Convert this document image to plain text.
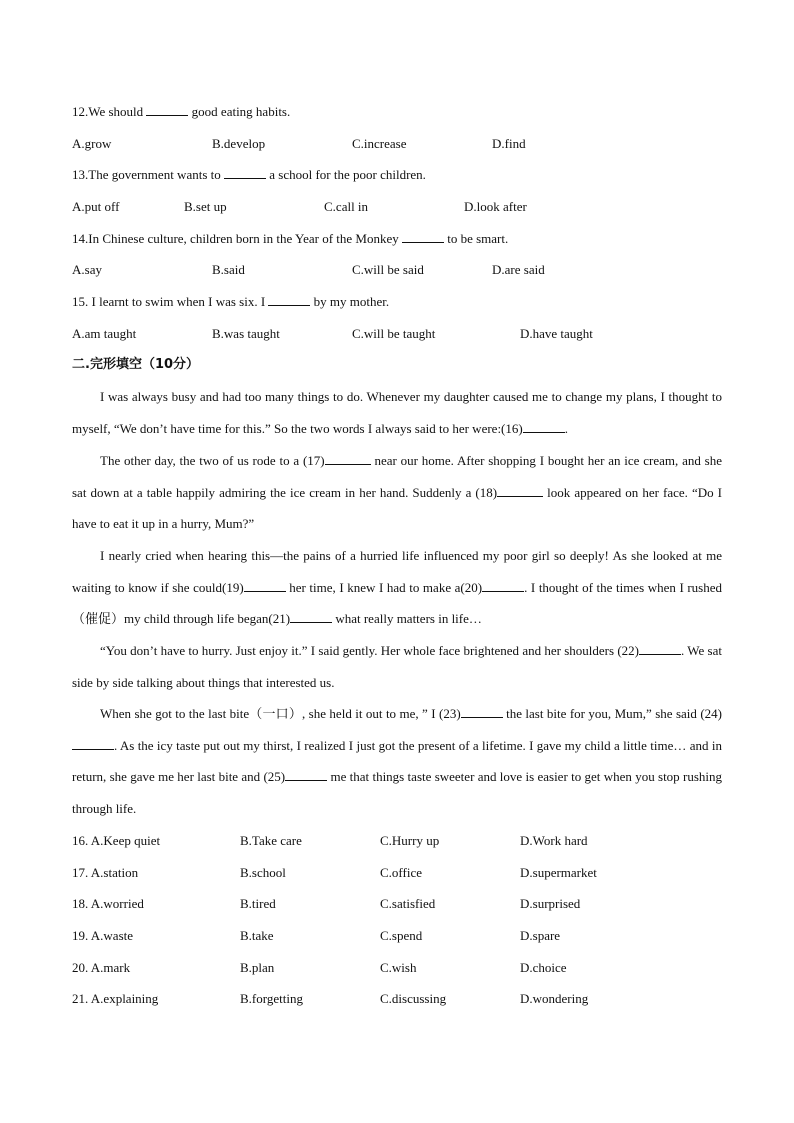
12.We should	good eating habits.
A.grow	B.develop	C.increase	D.find
13.The government wants to	a school for the poor children.
A.put off	B.set up	C.call in	D.look after
14.In Chinese culture, children born in the Year of the Monkey	to be smart.
A.say	B.said	C.will be said	D.are said
15. I learnt to swim when I was six. I	by my mother.
A.am taught	B.was taught	C.will be taught	D.have taught
二.完形填空（10分）

I was always busy and had too many things to do. Whenever my daughter caused me to change my plans, I thought to myself, “We don’t have time for this.” So the two words I always said to her were:(16)	.

The other day, the two of us rode to a (17)	near our home. After shopping I bought her an ice cream, and she sat down at a table happily admiring the ice cream in her hand. Suddenly a (18)	look appeared on her face. “Do I have to eat it up in a hurry, Mum?”

I nearly cried when hearing this—the pains of a hurried life influenced my poor girl so deeply! As she looked at me waiting to know if she could(19)	her time, I knew I had to make a(20)	. I thought of the times when I rushed（催促）my child through life began(21)	what really matters in life…

“You don’t have to hurry. Just enjoy it.” I said gently. Her whole face brightened and her shoulders (22)	. We sat side by side talking about things that interested us.

When she got to the last bite（一口）, she held it out to me, ” I (23)	the last bite for you, Mum,” she said (24). As the icy taste put out my thirst, I realized I just got the present of a lifetime. I gave my child a little time… and in return, she gave me her last bite and (25)	me that things taste sweeter and love is easier to get when you stop rushing through life.

16. A.Keep quiet	B.Take care	C.Hurry up	D.Work hard
17. A.station	B.school	C.office	D.supermarket
18. A.worried	B.tired	C.satisfied	D.surprised
19. A.waste	B.take	C.spend	D.spare
20. A.mark	B.plan	C.wish	D.choice
21. A.explaining	B.forgetting	C.discussing	D.wondering
